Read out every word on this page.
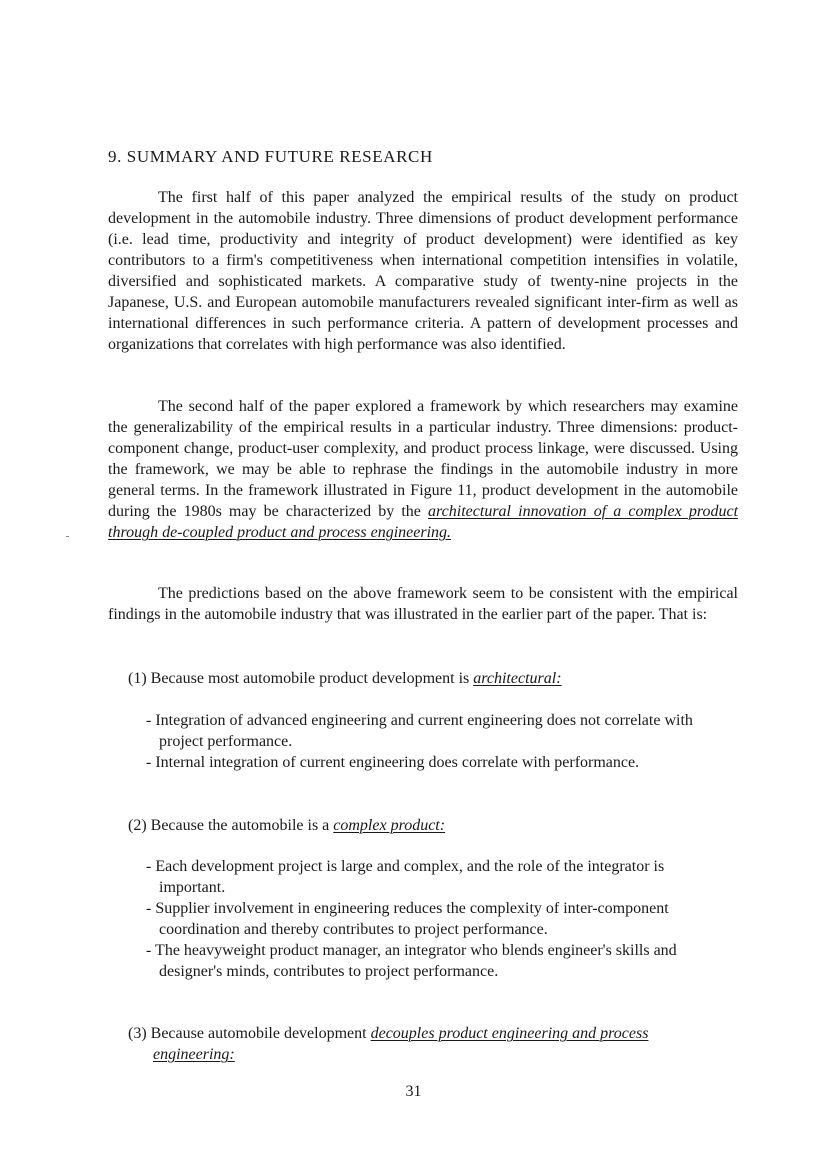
9. SUMMARY AND FUTURE RESEARCH

The first half of this paper analyzed the empirical results of the study on product development in the automobile industry. Three dimensions of product development performance (i.e. lead time, productivity and integrity of product development) were identified as key contributors to a firm's competitiveness when international competition intensifies in volatile, diversified and sophisticated markets. A comparative study of twenty-nine projects in the Japanese, U.S. and European automobile manufacturers revealed significant inter-firm as well as international differences in such performance criteria. A pattern of development processes and organizations that correlates with high performance was also identified.

The second half of the paper explored a framework by which researchers may examine the generalizability of the empirical results in a particular industry. Three dimensions: product-component change, product-user complexity, and product process linkage, were discussed. Using the framework, we may be able to rephrase the findings in the automobile industry in more general terms. In the framework illustrated in Figure 11, product development in the automobile during the 1980s may be characterized by the architectural innovation of a complex product through de-coupled product and process engineering.

The predictions based on the above framework seem to be consistent with the empirical findings in the automobile industry that was illustrated in the earlier part of the paper. That is:

(1) Because most automobile product development is architectural:

- Integration of advanced engineering and current engineering does not correlate with project performance.
- Internal integration of current engineering does correlate with performance.

(2) Because the automobile is a complex product:

- Each development project is large and complex, and the role of the integrator is important.
- Supplier involvement in engineering reduces the complexity of inter-component coordination and thereby contributes to project performance.
- The heavyweight product manager, an integrator who blends engineer's skills and designer's minds, contributes to project performance.

(3) Because automobile development decouples product engineering and process engineering:

31
